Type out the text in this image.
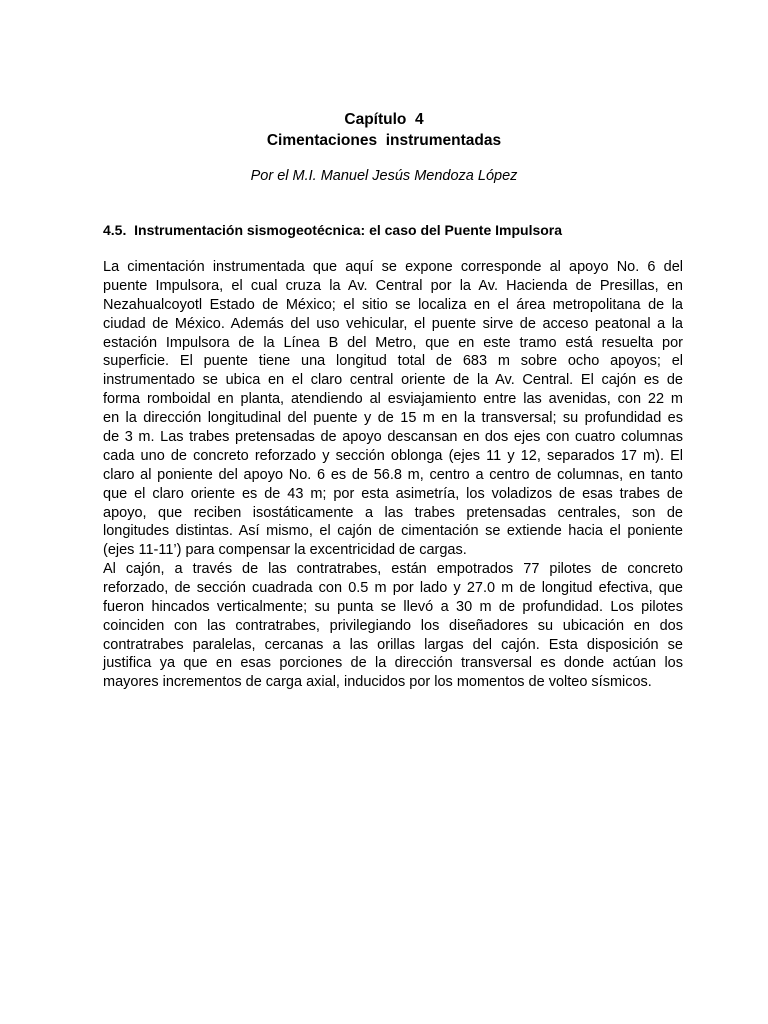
Capítulo  4
Cimentaciones  instrumentadas
Por el M.I. Manuel Jesús Mendoza López
4.5.  Instrumentación sismogeotécnica: el caso del Puente Impulsora
La cimentación instrumentada que aquí se expone corresponde al apoyo No. 6 del
puente Impulsora, el cual cruza la Av. Central por la Av. Hacienda de Presillas, en
Nezahualcoyotl Estado de México; el sitio se localiza en el área metropolitana de la
ciudad de México. Además del uso vehicular, el puente sirve de acceso peatonal a la
estación Impulsora de la Línea B del Metro, que en este tramo está resuelta por
superficie. El puente tiene una longitud total de 683 m sobre ocho apoyos; el
instrumentado se ubica en el claro central oriente de la Av. Central. El cajón es de
forma romboidal en planta, atendiendo al esviajamiento entre las avenidas, con 22 m
en la dirección longitudinal del puente y de 15 m en la transversal; su profundidad es
de 3 m. Las trabes pretensadas de apoyo descansan en dos ejes con cuatro columnas
cada uno de concreto reforzado y sección oblonga (ejes 11 y 12, separados 17 m). El
claro al poniente del apoyo No. 6 es de 56.8 m, centro a centro de columnas, en tanto
que el claro oriente es de 43 m; por esta asimetría, los voladizos de esas trabes de
apoyo, que reciben isostáticamente a las trabes pretensadas centrales, son de
longitudes distintas. Así mismo, el cajón de cimentación se extiende hacia el poniente
(ejes 11-11’) para compensar la excentricidad de cargas.
Al cajón, a través de las contratrabes, están empotrados 77 pilotes de concreto
reforzado, de sección cuadrada con 0.5 m por lado y 27.0 m de longitud efectiva, que
fueron hincados verticalmente; su punta se llevó a 30 m de profundidad. Los pilotes
coinciden con las contratrabes, privilegiando los diseñadores su ubicación en dos
contratrabes paralelas, cercanas a las orillas largas del cajón. Esta disposición se
justifica ya que en esas porciones de la dirección transversal es donde actúan los
mayores incrementos de carga axial, inducidos por los momentos de volteo sísmicos.
